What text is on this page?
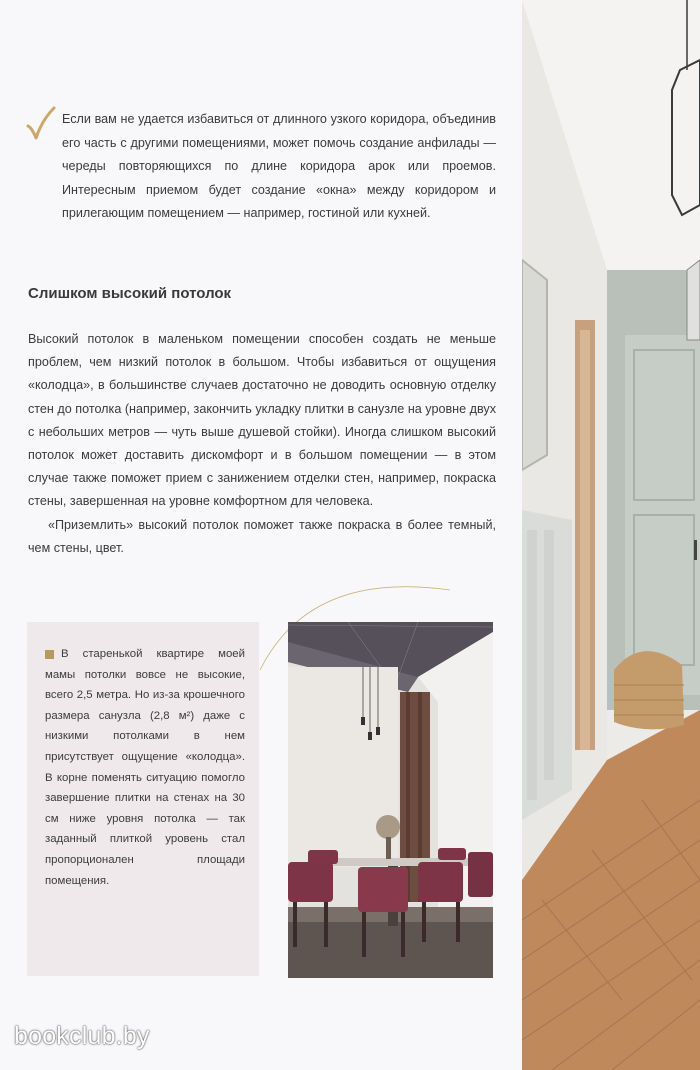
Если вам не удается избавиться от длинного узкого коридора, объединив его часть с другими помещениями, может помочь создание анфилады — череды повторяющихся по длине коридора арок или проемов. Интересным приемом будет создание «окна» между коридором и прилегающим помещением — например, гостиной или кухней.
Слишком высокий потолок

Высокий потолок в маленьком помещении способен создать не меньше проблем, чем низкий потолок в большом. Чтобы избавиться от ощущения «колодца», в большинстве случаев достаточно не доводить основную отделку стен до потолка (например, закончить укладку плитки в санузле на уровне двух с небольших метров — чуть выше душевой стойки). Иногда слишком высокий потолок может доставить дискомфорт и в большом помещении — в этом случае также поможет прием с занижением отделки стен, например, покраска стены, завершенная на уровне комфортном для человека.

«Приземлить» высокий потолок поможет также покраска в более темный, чем стены, цвет.

В старенькой квартире моей мамы потолки вовсе не высокие, всего 2,5 метра. Но из-за крошечного размера санузла (2,8 м²) даже с низкими потолками в нем присутствует ощущение «колодца». В корне поменять ситуацию помогло завершение плитки на стенах на 30 см ниже уровня потолка — так заданный плиткой уровень стал пропорционален площади помещения.
bookclub.by
